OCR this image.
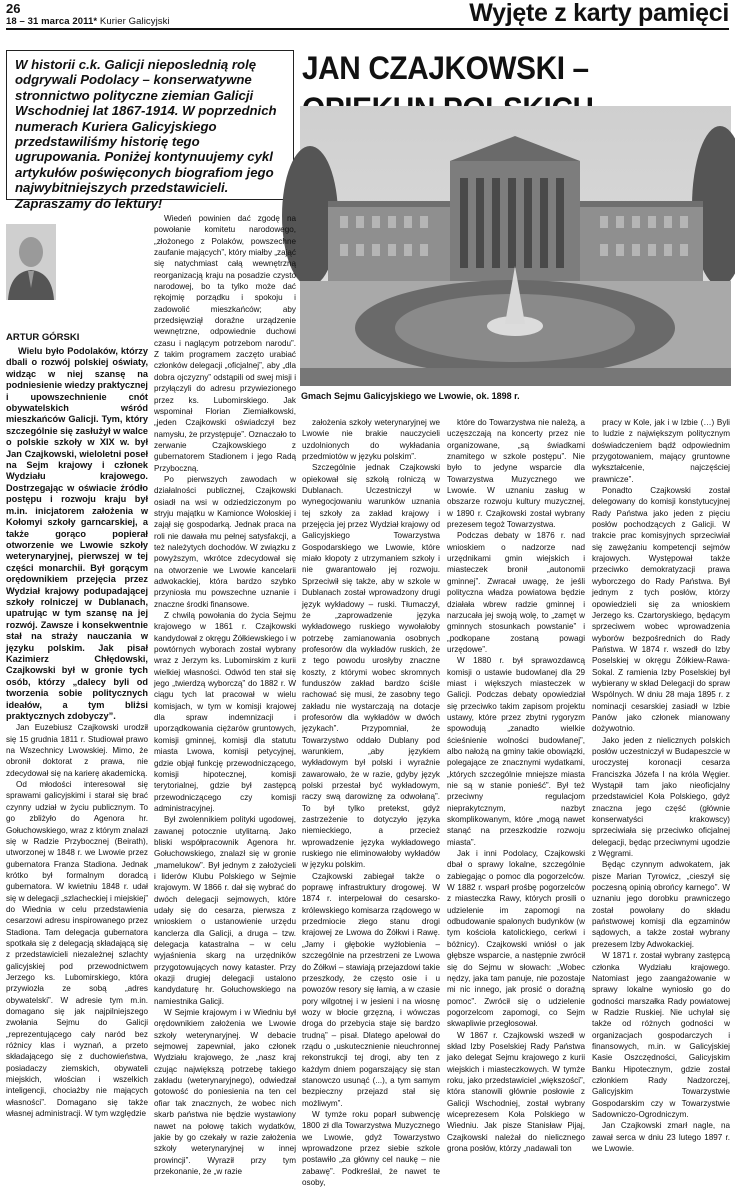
26
18 – 31 marca 2011* Kurier Galicyjski	Wyjęte z karty pamięci
W historii c.k. Galicji nieposlednią rolę odgrywali Podolacy – konserwatywne stronnictwo polityczne ziemian Galicji Wschodniej lat 1867-1914. W poprzednich numerach Kuriera Galicyjskiego przedstawiliśmy historię tego ugrupowania. Poniżej kontynuujemy cykl artykułów poświęconych biografiom jego najwybitniejszych przedstawicieli. Zapraszamy do lektury!
JAN CZAJKOWSKI –
Gmach Sejmu Galicyjskiego we Lwowie, ok. 1898 r.
ARTUR GÓRSKI

Wielu było Podolaków, którzy dbali o rozwój polskiej oświaty, widząc w niej szansę na podniesienie wiedzy praktycznej i upowszechnienie cnót obywatelskich wśród mieszkańców Galicji. Tym, który szczególnie się zasłużył w walce o polskie szkoły w XIX w. był Jan Czajkowski, wieloletni poseł na Sejm krajowy i członek Wydziału krajowego. Dostrzegając w oświacie źródło postępu i rozwoju kraju był m.in. inicjatorem założenia w Kołomyi szkoły garncarskiej, a także gorąco popierał otworzenie we Lwowie szkoły weterynaryjnej, pierwszej w tej części monarchii. Był gorącym orędownikiem przejęcia przez Wydział krajowy podupadającej szkoły rolniczej w Dublanach, upatrując w tym szansę na jej rozwój. Zawsze i konsekwentnie stał na straży nauczania w języku polskim. Jak pisał Kazimierz Chłędowski, Czajkowski był w gronie tych osób, którzy „dalecy byli od tworzenia sobie politycznych ideałów, a tym bliżsi praktycznych zdobyczy”.

Jan Euzebiusz Czajkowski urodził się 15 grudnia 1811 r. Studiował prawo na Wszechnicy Lwowskiej. Mimo, że obronił doktorat z prawa, nie zdecydował się na karierę akademicką.

Od młodości interesował się sprawami galicyjskimi i starał się brać czynny udział w życiu publicznym. To go zbliżyło do Agenora hr. Gołuchowskiego, wraz z którym znalazł się w Radzie Przybocznej (Beirath), utworzonej w 1848 r. we Lwowie przez gubernatora Franza Stadiona. Jednak krótko był formalnym doradcą gubernatora. W kwietniu 1848 r. udał się w delegacji „szlacheckiej i miejskiej” do Wiednia w celu przedstawienia cesarzowi adresu inspirowanego przez Stadiona. Tam delegacja gubernatora spotkała się z delegacją składającą się z przedstawicieli niezależnej szlachty galicyjskiej pod przewodnictwem Jerzego ks. Lubomirskiego, która przywiozła ze sobą „adres obywatelski”. W adresie tym m.in. domagano się jak najpilniejszego zwołania Sejmu do Galicji „reprezentującego cały naród bez różnicy klas i wyznań, a przeto składającego się z duchowieństwa, posiadaczy ziemskich, obywateli miejskich, włościan i wszelkich inteligencji, chociażby nie mających własności”. Domagano się także własnej administracji. W tym względzie

Wiedeń powinien dać zgodę na powołanie komitetu narodowego, „złożonego z Polaków, powszechne zaufanie mających”, który miałby „zająć się natychmiast całą wewnętrzną reorganizacją kraju na posadzie czysto narodowej, bo ta tylko może dać rękojmię porządku i spokoju i zadowolić mieszkańców; aby przedsięwziął doraźne urządzenie wewnętrzne, odpowiednie duchowi czasu i naglącym potrzebom narodu”. Z takim programem zaczęto urabiać członków delegacji „oficjalnej”, aby „dla dobra ojczyzny” odstąpili od swej misji i przyłączyli do adresu przywiezionego przez ks. Lubomirskiego. Jak wspominał Florian Ziemiałkowski, „jeden Czajkowski oświadczył bez namysłu, że przystępuje”. Oznaczało to zerwanie Czajkowskiego z gubernatorem Stadionem i jego Radą Przyboczną.

Po pierwszych zawodach w działalności publicznej, Czajkowski osiadł na wsi w odziedziczonym po stryju majątku w Kamionce Wołoskiej i zajął się gospodarką. Jednak praca na roli nie dawała mu pełnej satysfakcji, a też należytych dochodów. W związku z powyższym, wkrótce zdecydował się na otworzenie we Lwowie kancelarii adwokackiej, która bardzo szybko przyniosła mu powszechne uznanie i znaczne środki finansowe.

Z chwilą powołania do życia Sejmu krajowego w 1861 r. Czajkowski kandydował z okręgu Żółkiewskiego i w powtórnych wyborach został wybrany wraz z Jerzym ks. Lubomirskim z kurii wielkiej własności. Odwód ten stał się jego „twierdzą wyborczą” do 1882 r. W ciągu tych lat pracował w wielu komisjach, w tym w komisji krajowej dla spraw indemnizacji i uporządkowania ciężarów gruntowych, komisji gminnej, komisji dla statutu miasta Lwowa, komisji petycyjnej, gdzie objął funkcję przewodniczącego, komisji hipotecznej, komisji terytorialnej, gdzie był zastępcą przewodniczącego czy komisji administracyjnej.

Był zwolennikiem polityki ugodowej, zawanej potocznie utylitarną. Jako bliski współpracownik Agenora hr. Gołuchowskiego, znalazł się w gronie „mamelukow”. Był jednym z założycieli i liderów Klubu Polskiego w Sejmie krajowym. W 1866 r. dał się wybrać do dwóch delegacji sejmowych, które udały się do cesarza, pierwsza z wnioskiem o ustanowienie urzędu kanclerza dla Galicji, a druga – tzw. delegacja katastralna – w celu wyjaśnienia skarg na urzędników przygotowujących nowy kataster. Przy okazji drugiej delegacji ustalono kandydaturę hr. Gołuchowskiego na namiestnika Galicji.

W Sejmie krajowym i w Wiedniu był orędownikiem założenia we Lwowie szkoły weterynaryjnej. W debacie sejmowej zapewniał, jako członek Wydziału krajowego, że „nasz kraj czując największą potrzebę takiego zakładu (weterynaryjnego), odwiedzał gotowość do poniesienia na ten cel ofiar tak znacznych, że wobec nich skarb państwa nie będzie wystawiony nawet na połowę takich wydatków, jakie by go czekały w razie założenia szkoły weterynaryjnej w innej prowincji”. Wyraził przy tym przekonanie, że „w razie

założenia szkoły weterynaryjnej we Lwowie nie brakie nauczycieli uzdolnionych do wykładania przedmiotów w języku polskim”.

Szczególnie jednak Czajkowski opiekował się szkołą rolniczą w Dublanach. Uczestniczył w wynegocjowaniu warunków uznania tej szkoły za zakład krajowy i przejęcia jej przez Wydział krajowy od Galicyjskiego Towarzystwa Gospodarskiego we Lwowie, które miało kłopoty z utrzymaniem szkoły i nie gwarantowało jej rozwoju. Sprzeciwił się także, aby w szkole w Dublanach został wprowadzony drugi język wykładowy – ruski. Tłumaczył, że „zaprowadzenie języka wykładowego ruskiego wywołałoby potrzebę zamianowania osobnych profesorów dla wykładów ruskich, że z tego powodu urosłyby znaczne koszty, z którymi wobec skromnych funduszów zakład bardzo ściśle rachować się musi, że zasobny tego zakładu nie wystarczają na dotacje profesorów dla wykładów w dwóch językach”. Przypomniał, że Towarzystwo oddało Dublany pod warunkiem, „aby językiem wykładowym był polski i wyraźnie zawarowało, że w razie, gdyby język polski przestał być wykładowym, raczy swą darowiznę za odwołaną”. To był tylko pretekst, gdyż zastrzeżenie to dotyczyło języka niemieckiego, a przecież wprowadzenie języka wykładowego ruskiego nie eliminowałoby wykładów w języku polskim.

Czajkowski zabiegał także o poprawę infrastruktury drogowej. W 1874 r. interpelował do cesarsko-królewskiego komisarza rządowego w przedmiocie złego stanu drogi krajowej ze Lwowa do Żółkwi i Rawę. „Jamy i głębokie wyżłobienia – szczególnie na przestrzeni ze Lwowa do Żółkwi – stawiają przejazdowi takie przeszkody, że często osie i u powozów resory się łamią, a w czasie pory wilgotnej i w jesieni i na wiosnę wozy w błocie grzęzną, i wówczas droga do przebycia staje się bardzo trudną” – pisał. Dlatego apelował do rządu o „uskutecznienie nieuchronnej rekonstrukcji tej drogi, aby ten z każdym dniem pogarszający się stan stanowczo usunąć (...), a tym samym bezpieczny przejazd stał się możliwym”.

W tymże roku poparł subwencję 1800 zł dla Towarzystwa Muzycznego we Lwowie, gdyż Towarzystwo wprowadzone przez siebie szkole postawiło „za główny cel naukę – nie zabawę”. Podkreślał, że nawet te osoby,

które do Towarzystwa nie należą, a uczęszczają na koncerty przez nie organizowane, „są świadkami znamitego w szkole postępu”. Nie było to jedyne wsparcie dla Towarzystwa Muzycznego we Lwowie. W uznaniu zasług w obszarze rozwoju kultury muzycznej, w 1890 r. Czajkowski został wybrany prezesem tegoż Towarzystwa.

Podczas debaty w 1876 r. nad wnioskiem o nadzorze nad urzędnikami gmin wiejskich i miasteczek bronił „autonomii gminnej”. Zwracał uwagę, że jeśli polityczna władza powiatowa będzie działała wbrew radzie gminnej i narzucała jej swoją wolę, to „zamęt w gminnych stosunkach powstanie” i „podkopane zostaną powagi urzędowe”.

W 1880 r. był sprawozdawcą komisji o ustawie budowlanej dla 29 miast i większych miasteczek w Galicji. Podczas debaty opowiedział się przeciwko takim zapisom projektu ustawy, które przez zbytni rygoryzm spowodują „zanadto wielkie ścieśnienie wolności budowlanej”, albo nałożą na gminy takie obowiązki, polegające ze znacznymi wydatkami, „których szczególnie mniejsze miasta nie są w stanie ponieść”. Był też przeciwny regulacjom nieprakytcznym, nazbyt skomplikowanym, które „mogą nawet stanąć na przeszkodzie rozwoju miasta”.

Jak i inni Podolacy, Czajkowski dbał o sprawy lokalne, szczególnie zabiegając o pomoc dla pogorzelców. W 1882 r. wsparł prośbę pogorzelców z miasteczka Rawy, których prosili o udzielenie im zapomogi na odbudowanie spalonych budynków (w tym kościoła katolickiego, cerkwi i bóżnicy). Czajkowski wniósł o jak głębsze wsparcie, a następnie zwrócił się do Sejmu w słowach: „Wobec nędzy, jaka tam panuje, nie pozostaje mi nic innego, jak prosić o doraźną pomoc”. Zwrócił się o udzielenie pogorzelcom zapomogi, co Sejm skwapliwie przegłosował.

W 1867 r. Czajkowski wszedł w skład Izby Poselskiej Rady Państwa jako delegat Sejmu krajowego z kurii wiejskich i miasteczkowych. W tymże roku, jako przedstawiciel „większości”, która stanowili głównie posłowie z Galicji Wschodniej, został wybrany wiceprezesem Koła Polskiego w Wiedniu. Jak pisze Stanisław Pijaj, Czajkowski należał do nielicznego grona posłów, którzy „nadawali ton

pracy w Kole, jak i w Izbie (…) Byli to ludzie z największym politycznym doświadczeniem bądź odpowiednim przygotowaniem, mający gruntowne wykształcenie, najczęściej prawnicze”.

Ponadto Czajkowski został delegowany do komisji konstytucyjnej Rady Państwa jako jeden z pięciu posłów pochodzących z Galicji. W trakcie prac komisyjnych sprzeciwiał się zawężaniu kompetencji sejmów krajowych. Występował także przeciwko demokratyzacji prawa wyborczego do Rady Państwa. Był jednym z tych posłów, którzy opowiedzieli się za wnioskiem Jerzego ks. Czartoryskiego, będącym sprzeciwem wobec wprowadzenia wyborów bezpośrednich do Rady Państwa. W 1874 r. wszedł do Izby Poselskiej w okręgu Żółkiew-Rawa-Sokal. Z ramienia Izby Poselskiej był wybierany w skład Delegacji do spraw Wspólnych. W dniu 28 maja 1895 r. z nominacji cesarskiej zasiadł w Izbie Panów jako członek mianowany dożywotnio.

Jako jeden z nielicznych polskich posłów uczestniczył w Budapeszcie w uroczystej koronacji cesarza Franciszka Józefa I na króla Węgier. Wystąpił tam jako nieoficjalny przedstawiciel Koła Polskiego, gdyż znaczna jego część (głównie konserwatyści krakowscy) sprzeciwiała się przeciwko oficjalnej delegacji, będąc przeciwnymi ugodzie z Węgrami.

Będąc czynnym adwokatem, jak pisze Marian Tyrowicz, „cieszył się poczesną opinią obrońcy karnego”. W uznaniu jego dorobku prawniczego został powołany do składu państwowej komisji dla egzaminów sądowych, a także został wybrany prezesem Izby Adwokackiej.

W 1871 r. został wybrany zastępcą członka Wydziału krajowego. Natomiast jego zaangażowanie w sprawy lokalne wyniosło go do godności marszałka Rady powiatowej w Radzie Ruskiej. Nie uchylał się także od różnych godności w organizacjach gospodarczych i finansowych, m.in. w Galicyjskiej Kasie Oszczędności, Galicyjskim Banku Hipotecznym, gdzie został członkiem Rady Nadzorczej, Galicyjskim Towarzystwie Gospodarskim czy w Towarzystwie Sadowniczo-Ogrodniczym.

Jan Czajkowski zmarł nagle, na zawał serca w dniu 23 lutego 1897 r. we Lwowie.
